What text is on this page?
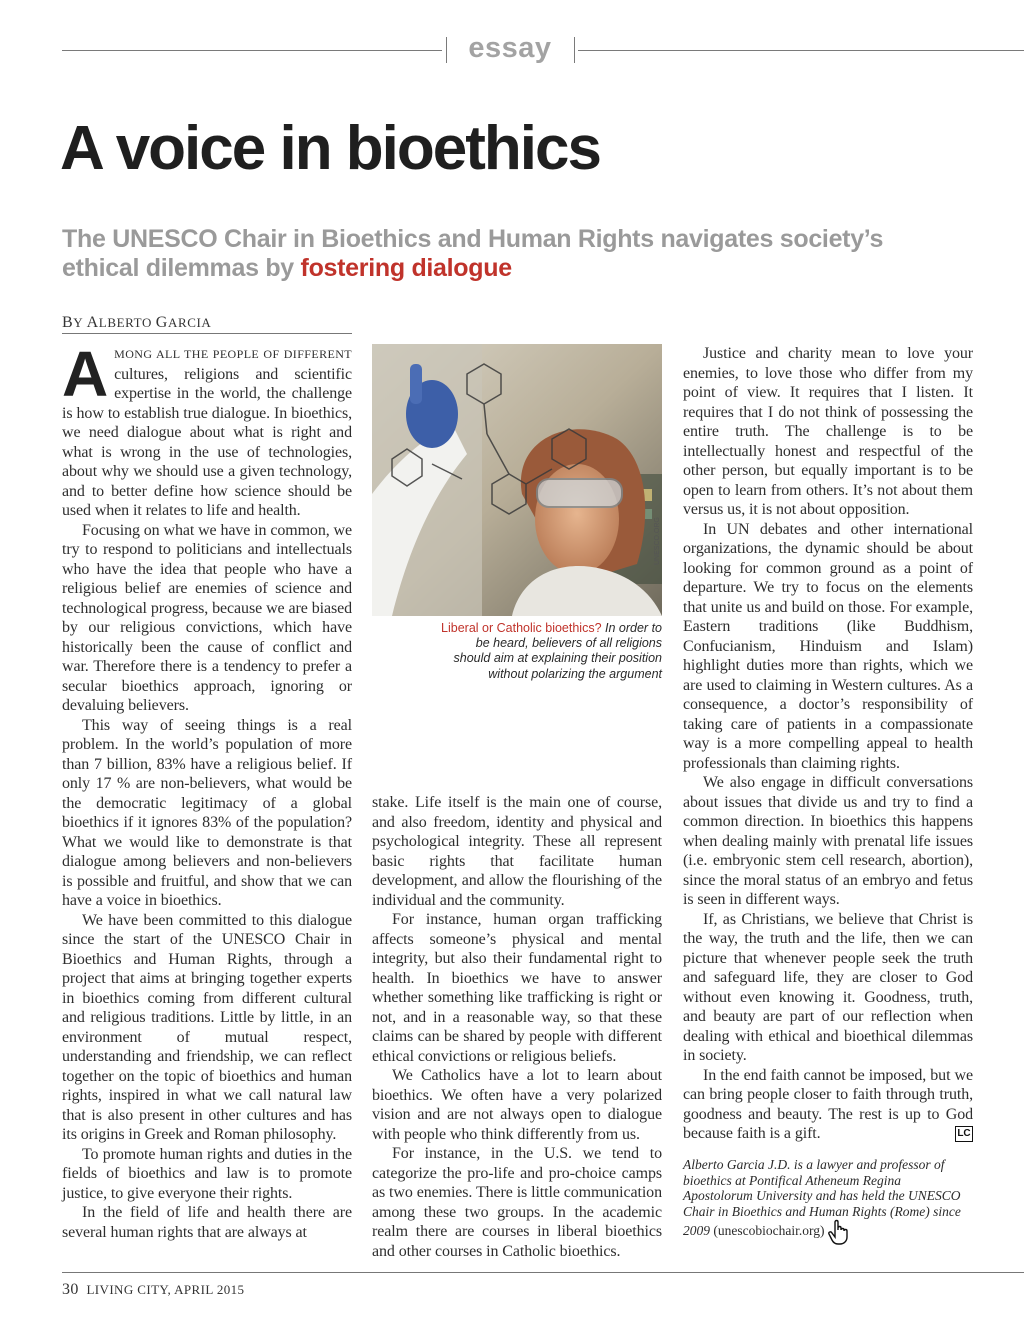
essay
A voice in bioethics
The UNESCO Chair in Bioethics and Human Rights navigates society’s ethical dilemmas by fostering dialogue
BY ALBERTO GARCIA

AMONG ALL THE PEOPLE OF DIFFERENT cultures, religions and scientific expertise in the world, the challenge is how to establish true dialogue. In bioethics, we need dialogue about what is right and what is wrong in the use of technologies, about why we should use a given technology, and to better define how science should be used when it relates to life and health.

Focusing on what we have in common, we try to respond to politicians and intellectuals who have the idea that people who have a religious belief are enemies of science and technological progress, because we are biased by our religious convictions, which have historically been the cause of conflict and war. Therefore there is a tendency to prefer a secular bioethics approach, ignoring or devaluing believers.

This way of seeing things is a real problem. In the world’s population of more than 7 billion, 83% have a religious belief. If only 17 % are non-believers, what would be the democratic legitimacy of a global bioethics if it ignores 83% of the population? What we would like to demonstrate is that dialogue among believers and non-believers is possible and fruitful, and show that we can have a voice in bioethics.

We have been committed to this dialogue since the start of the UNESCO Chair in Bioethics and Human Rights, through a project that aims at bringing together experts in bioethics coming from different cultural and religious traditions. Little by little, in an environment of mutual respect, understanding and friendship, we can reflect together on the topic of bioethics and human rights, inspired in what we call natural law that is also present in other cultures and has its origins in Greek and Roman philosophy.

To promote human rights and duties in the fields of bioethics and law is to promote justice, to give everyone their rights.

In the field of life and health there are several human rights that are always at

UNESCO.ORG
Liberal or Catholic bioethics? In order to be heard, believers of all religions should aim at explaining their position without polarizing the argument

stake. Life itself is the main one of course, and also freedom, identity and physical and psychological integrity. These all represent basic rights that facilitate human development, and allow the flourishing of the individual and the community.

For instance, human organ trafficking affects someone’s physical and mental integrity, but also their fundamental right to health. In bioethics we have to answer whether something like trafficking is right or not, and in a reasonable way, so that these claims can be shared by people with different ethical convictions or religious beliefs.

We Catholics have a lot to learn about bioethics. We often have a very polarized vision and are not always open to dialogue with people who think differently from us.

For instance, in the U.S. we tend to categorize the pro-life and pro-choice camps as two enemies. There is little communication among these two groups. In the academic realm there are courses in liberal bioethics and other courses in Catholic bioethics.

Justice and charity mean to love your enemies, to love those who differ from my point of view. It requires that I listen. It requires that I do not think of possessing the entire truth. The challenge is to be intellectually honest and respectful of the other person, but equally important is to be open to learn from others. It’s not about them versus us, it is not about opposition.

In UN debates and other international organizations, the dynamic should be about looking for common ground as a point of departure. We try to focus on the elements that unite us and build on those. For example, Eastern traditions (like Buddhism, Confucianism, Hinduism and Islam) highlight duties more than rights, which we are used to claiming in Western cultures. As a consequence, a doctor’s responsibility of taking care of patients in a compassionate way is a more compelling appeal to health professionals than claiming rights.

We also engage in difficult conversations about issues that divide us and try to find a common direction. In bioethics this happens when dealing mainly with prenatal life issues (i.e. embryonic stem cell research, abortion), since the moral status of an embryo and fetus is seen in different ways.

If, as Christians, we believe that Christ is the way, the truth and the life, then we can picture that whenever people seek the truth and safeguard life, they are closer to God without even knowing it. Goodness, truth, and beauty are part of our reflection when dealing with ethical and bioethical dilemmas in society.

In the end faith cannot be imposed, but we can bring people closer to faith through truth, goodness and beauty. The rest is up to God because faith is a gift.	LC

Alberto Garcia J.D. is a lawyer and professor of bioethics at Pontifical Atheneum Regina Apostolorum University and has held the UNESCO Chair in Bioethics and Human Rights (Rome) since 2009 (unescobiochair.org)
30 LIVING CITY, APRIL 2015
